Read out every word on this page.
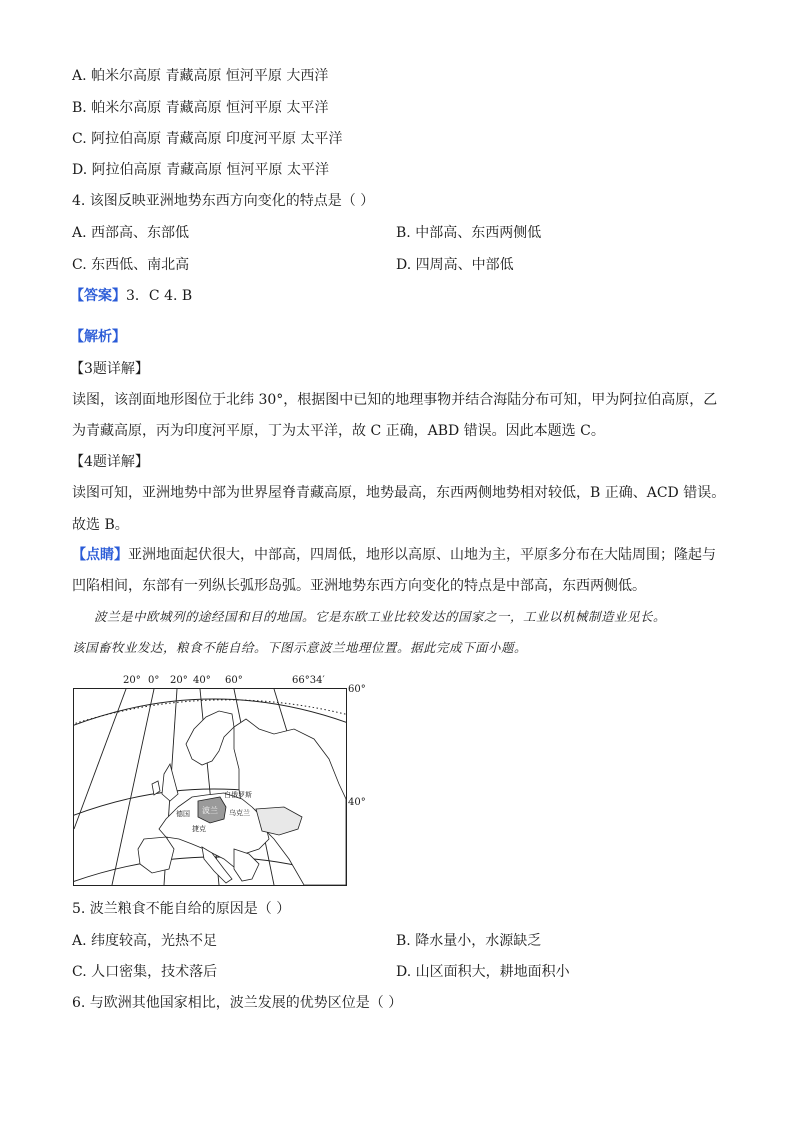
A. 帕米尔高原 青藏高原 恒河平原 大西洋
B. 帕米尔高原 青藏高原 恒河平原 太平洋
C. 阿拉伯高原 青藏高原 印度河平原 太平洋
D. 阿拉伯高原 青藏高原 恒河平原 太平洋
4. 该图反映亚洲地势东西方向变化的特点是（ ）
A. 西部高、东部低	B. 中部高、东西两侧低
C. 东西低、南北高	D. 四周高、中部低
【答案】3．C 4. B
【解析】
【3题详解】
读图，该剖面地形图位于北纬 30°，根据图中已知的地理事物并结合海陆分布可知，甲为阿拉伯高原，乙为青藏高原，丙为印度河平原，丁为太平洋，故 C 正确，ABD 错误。因此本题选 C。
【4题详解】
读图可知，亚洲地势中部为世界屋脊青藏高原，地势最高，东西两侧地势相对较低，B 正确、ACD 错误。
故选 B。
【点睛】亚洲地面起伏很大，中部高，四周低，地形以高原、山地为主，平原多分布在大陆周围；隆起与凹陷相间，东部有一列纵长弧形岛弧。亚洲地势东西方向变化的特点是中部高，东西两侧低。
波兰是中欧城列的途经国和目的地国。它是东欧工业比较发达的国家之一，工业以机械制造业见长。
该国畜牧业发达，粮食不能自给。下图示意波兰地理位置。据此完成下面小题。
20° 0° 20° 40° 60°	66°34′
60°
40°
波兰
德国
白俄罗斯
乌克兰
捷克
5. 波兰粮食不能自给的原因是（ ）
A. 纬度较高，光热不足	B. 降水量小，水源缺乏
C. 人口密集，技术落后	D. 山区面积大，耕地面积小
6. 与欧洲其他国家相比，波兰发展的优势区位是（ ）
